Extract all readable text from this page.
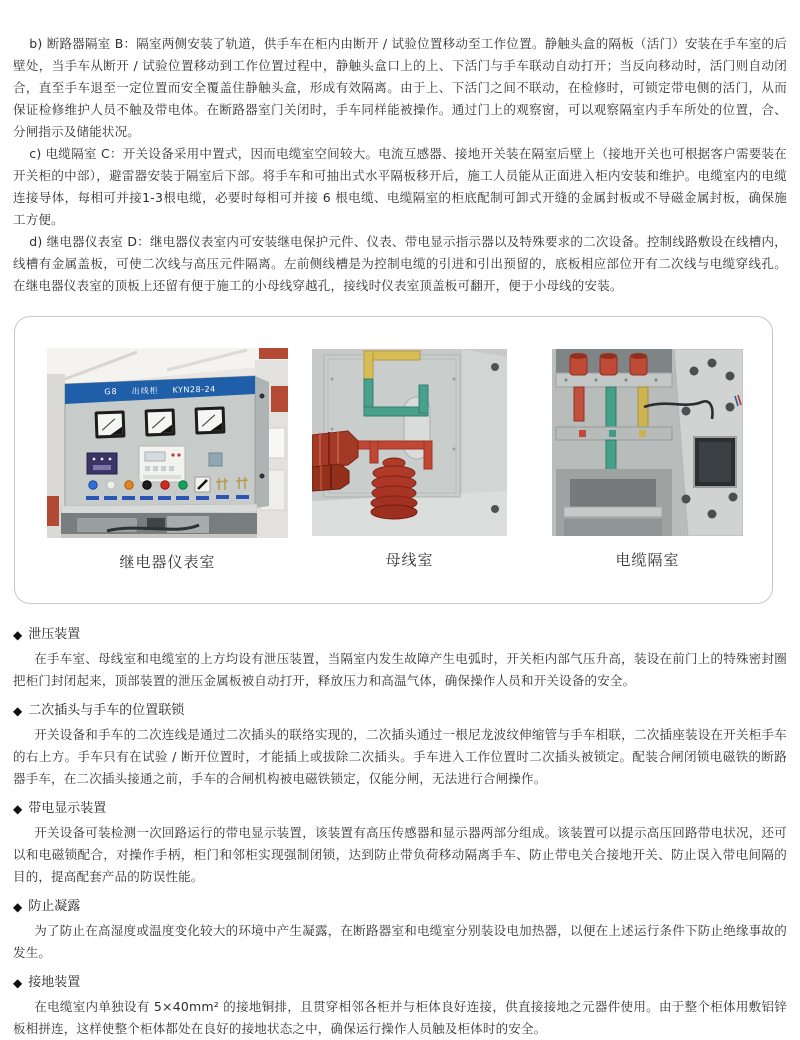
b) 断路器隔室 B：隔室两侧安装了轨道，供手车在柜内由断开 / 试验位置移动至工作位置。静触头盒的隔板（活门）安装在手车室的后壁处，当手车从断开 / 试验位置移动到工作位置过程中，静触头盒口上的上、下活门与手车联动自动打开；当反向移动时，活门则自动闭合，直至手车退至一定位置而安全覆盖住静触头盒，形成有效隔离。由于上、下活门之间不联动，在检修时，可锁定带电侧的活门，从而保证检修维护人员不触及带电体。在断路器室门关闭时，手车同样能被操作。通过门上的观察窗，可以观察隔室内手车所处的位置，合、分闸指示及储能状况。

c) 电缆隔室 C：开关设备采用中置式，因而电缆室空间较大。电流互感器、接地开关装在隔室后壁上（接地开关也可根据客户需要装在开关柜的中部），避雷器安装于隔室后下部。将手车和可抽出式水平隔板移开后，施工人员能从正面进入柜内安装和维护。电缆室内的电缆连接导体，每相可并接1-3根电缆，必要时每相可并接 6 根电缆、电缆隔室的柜底配制可卸式开缝的金属封板或不导磁金属封板，确保施工方便。

d) 继电器仪表室 D：继电器仪表室内可安装继电保护元件、仪表、带电显示指示器以及特殊要求的二次设备。控制线路敷设在线槽内，线槽有金属盖板，可使二次线与高压元件隔离。左前侧线槽是为控制电缆的引进和引出预留的，底板相应部位开有二次线与电缆穿线孔。在继电器仪表室的顶板上还留有便于施工的小母线穿越孔，接线时仪表室顶盖板可翻开，便于小母线的安装。

G8 出线柜 KYN28-24
继电器仪表室	母线室	电缆隔室
◆ 泄压装置

在手车室、母线室和电缆室的上方均设有泄压装置，当隔室内发生故障产生电弧时，开关柜内部气压升高，装设在前门上的特殊密封圈把柜门封闭起来，顶部装置的泄压金属板被自动打开，释放压力和高温气体，确保操作人员和开关设备的安全。

◆ 二次插头与手车的位置联锁

开关设备和手车的二次连线是通过二次插头的联络实现的，二次插头通过一根尼龙波纹伸缩管与手车相联，二次插座装设在开关柜手车的右上方。手车只有在试验 / 断开位置时，才能插上或拔除二次插头。手车进入工作位置时二次插头被锁定。配装合闸闭锁电磁铁的断路器手车，在二次插头接通之前，手车的合闸机构被电磁铁锁定，仅能分闸，无法进行合闸操作。

◆ 带电显示装置

开关设备可装检测一次回路运行的带电显示装置，该装置有高压传感器和显示器两部分组成。该装置可以提示高压回路带电状况，还可以和电磁锁配合，对操作手柄，柜门和邻柜实现强制闭锁，达到防止带负荷移动隔离手车、防止带电关合接地开关、防止误入带电间隔的目的，提高配套产品的防误性能。

◆ 防止凝露

为了防止在高湿度或温度变化较大的环境中产生凝露，在断路器室和电缆室分别装设电加热器，以便在上述运行条件下防止绝缘事故的发生。

◆ 接地装置

在电缆室内单独设有 5×40mm² 的接地铜排，且贯穿相邻各柜并与柜体良好连接，供直接接地之元器件使用。由于整个柜体用敷铝锌板相拼连，这样使整个柜体都处在良好的接地状态之中，确保运行操作人员触及柜体时的安全。
